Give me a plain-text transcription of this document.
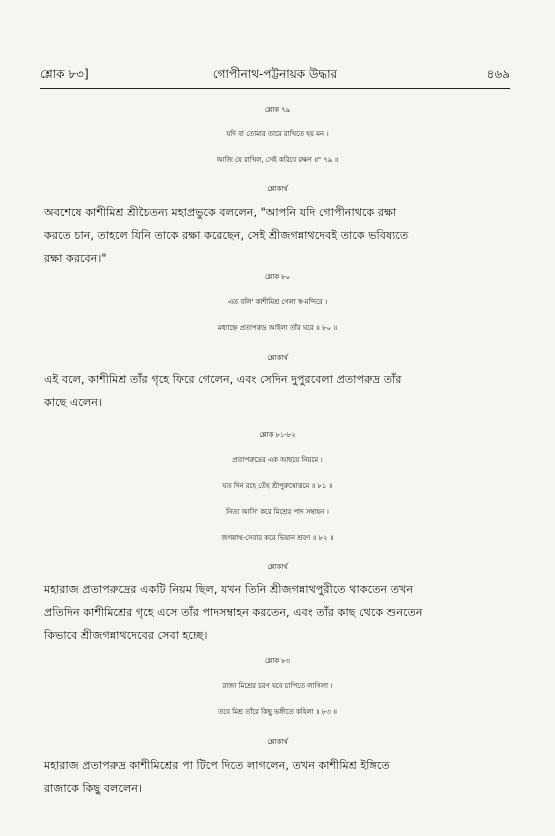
শ্লোক ৮৩]	গোপীনাথ-পট্টনায়ক উদ্ধার	৪৬৯
শ্লোক ৭৯
যদি বা তোমার তারে রাখিতে হয় মন ।
আজি যে রাখিল, সেই করিবে রক্ষণ ॥" ৭৯ ॥
শ্লোকার্থ
অবশেষে কাশীমিশ্র শ্রীচৈতন্য মহাপ্রভুকে বললেন, "আপনি যদি গোপীনাথকে রক্ষা
করতে চান, তাহলে যিনি তাকে রক্ষা করেছেন, সেই শ্রীজগন্নাথদেবই তাকে ভবিষ্যতে
রক্ষা করবেন।"
শ্লোক ৮০
এত বলি' কাশীমিশ্র গেলা স্ব-মন্দিরে ।
মধ্যাহ্নে প্রতাপরুদ্র আইলা তাঁর ঘরে ॥ ৮০ ॥
শ্লোকার্থ
এই বলে, কাশীমিশ্র তাঁর গৃহে ফিরে গেলেন, এবং সেদিন দুপুরবেলা প্রতাপরুদ্র তাঁর
কাছে এলেন।
শ্লোক ৮১-৮২
প্রতাপরুদ্রের এক আছয়ে নিয়মে ।
যত দিন রহে তেঁহ শ্রীপুরুষোত্তমে ॥ ৮১ ॥
নিত্য আসি' করে মিশ্রের পাদ সম্বাহন ।
জগন্নাথ-সেবার করে ভিয়ান শ্রবণ ॥ ৮২ ॥
শ্লোকার্থ
মহারাজ প্রতাপরুদ্রের একটি নিয়ম ছিল, যখন তিনি শ্রীজগন্নাথপুরীতে থাকতেন তখন
প্রতিদিন কাশীমিশ্রের গৃহে এসে তাঁর পাদসম্বাহন করতেন, এবং তাঁর কাছ থেকে শুনতেন
কিভাবে শ্রীজগন্নাথদেবের সেবা হচ্ছে।
শ্লোক ৮৩
রাজা মিশ্রের চরণ যবে চাপিতে লাগিলা ।
তবে মিশ্র তাঁরে কিছু ভঙ্গীতে কহিলা ॥ ৮৩ ॥
শ্লোকার্থ
মহারাজ প্রতাপরুদ্র কাশীমিশ্রের পা টিপে দিতে লাগলেন, তখন কাশীমিশ্র ইঙ্গিতে
রাজাকে কিছু বললেন।
